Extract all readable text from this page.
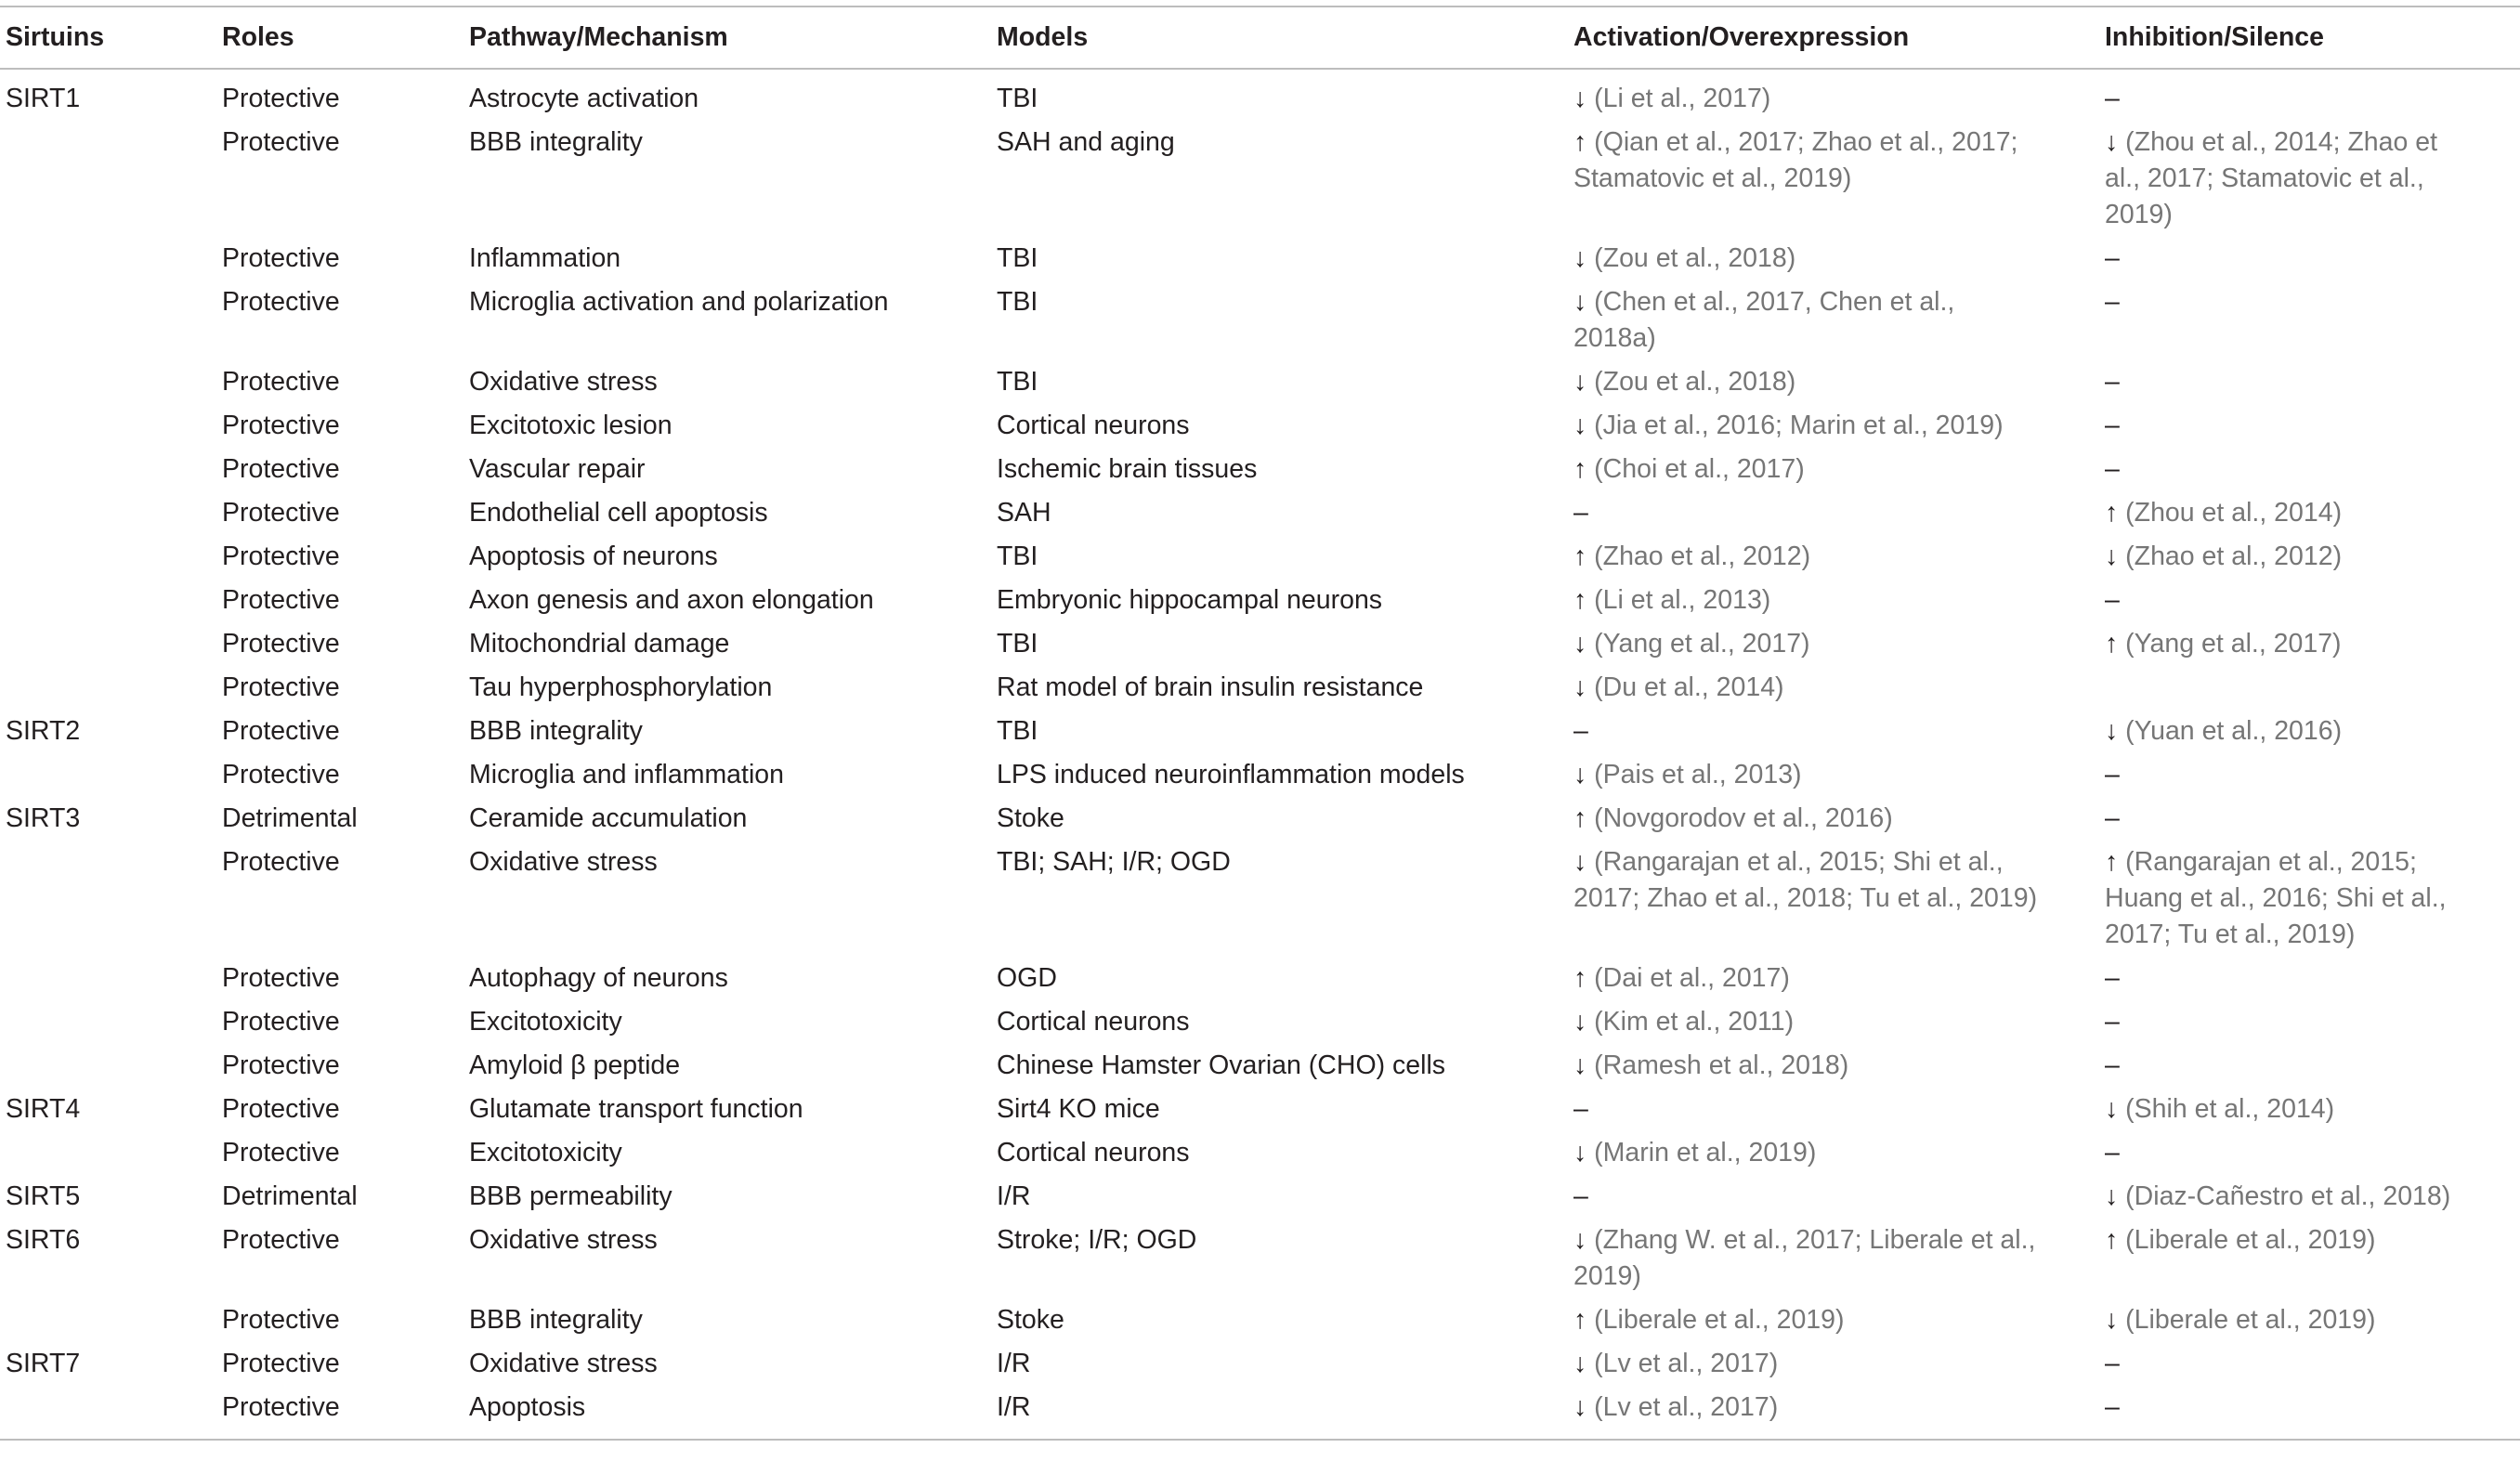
Sirtuins	Roles	Pathway/Mechanism	Models	Activation/Overexpression	Inhibition/Silence
SIRT1	Protective	Astrocyte activation	TBI	↓ (Li et al., 2017)	–
	Protective	BBB integrality	SAH and aging	↑ (Qian et al., 2017; Zhao et al., 2017; Stamatovic et al., 2019)	↓ (Zhou et al., 2014; Zhao et al., 2017; Stamatovic et al., 2019)
	Protective	Inflammation	TBI	↓ (Zou et al., 2018)	–
	Protective	Microglia activation and polarization	TBI	↓ (Chen et al., 2017, Chen et al., 2018a)	–
	Protective	Oxidative stress	TBI	↓ (Zou et al., 2018)	–
	Protective	Excitotoxic lesion	Cortical neurons	↓ (Jia et al., 2016; Marin et al., 2019)	–
	Protective	Vascular repair	Ischemic brain tissues	↑ (Choi et al., 2017)	–
	Protective	Endothelial cell apoptosis	SAH	–	↑ (Zhou et al., 2014)
	Protective	Apoptosis of neurons	TBI	↑ (Zhao et al., 2012)	↓ (Zhao et al., 2012)
	Protective	Axon genesis and axon elongation	Embryonic hippocampal neurons	↑ (Li et al., 2013)	–
	Protective	Mitochondrial damage	TBI	↓ (Yang et al., 2017)	↑ (Yang et al., 2017)
	Protective	Tau hyperphosphorylation	Rat model of brain insulin resistance	↓ (Du et al., 2014)	
SIRT2	Protective	BBB integrality	TBI	–	↓ (Yuan et al., 2016)
	Protective	Microglia and inflammation	LPS induced neuroinflammation models	↓ (Pais et al., 2013)	–
SIRT3	Detrimental	Ceramide accumulation	Stoke	↑ (Novgorodov et al., 2016)	–
	Protective	Oxidative stress	TBI; SAH; I/R; OGD	↓ (Rangarajan et al., 2015; Shi et al., 2017; Zhao et al., 2018; Tu et al., 2019)	↑ (Rangarajan et al., 2015; Huang et al., 2016; Shi et al., 2017; Tu et al., 2019)
	Protective	Autophagy of neurons	OGD	↑ (Dai et al., 2017)	–
	Protective	Excitotoxicity	Cortical neurons	↓ (Kim et al., 2011)	–
	Protective	Amyloid β peptide	Chinese Hamster Ovarian (CHO) cells	↓ (Ramesh et al., 2018)	–
SIRT4	Protective	Glutamate transport function	Sirt4 KO mice	–	↓ (Shih et al., 2014)
	Protective	Excitotoxicity	Cortical neurons	↓ (Marin et al., 2019)	–
SIRT5	Detrimental	BBB permeability	I/R	–	↓ (Diaz-Cañestro et al., 2018)
SIRT6	Protective	Oxidative stress	Stroke; I/R; OGD	↓ (Zhang W. et al., 2017; Liberale et al., 2019)	↑ (Liberale et al., 2019)
	Protective	BBB integrality	Stoke	↑ (Liberale et al., 2019)	↓ (Liberale et al., 2019)
SIRT7	Protective	Oxidative stress	I/R	↓ (Lv et al., 2017)	–
	Protective	Apoptosis	I/R	↓ (Lv et al., 2017)	–
